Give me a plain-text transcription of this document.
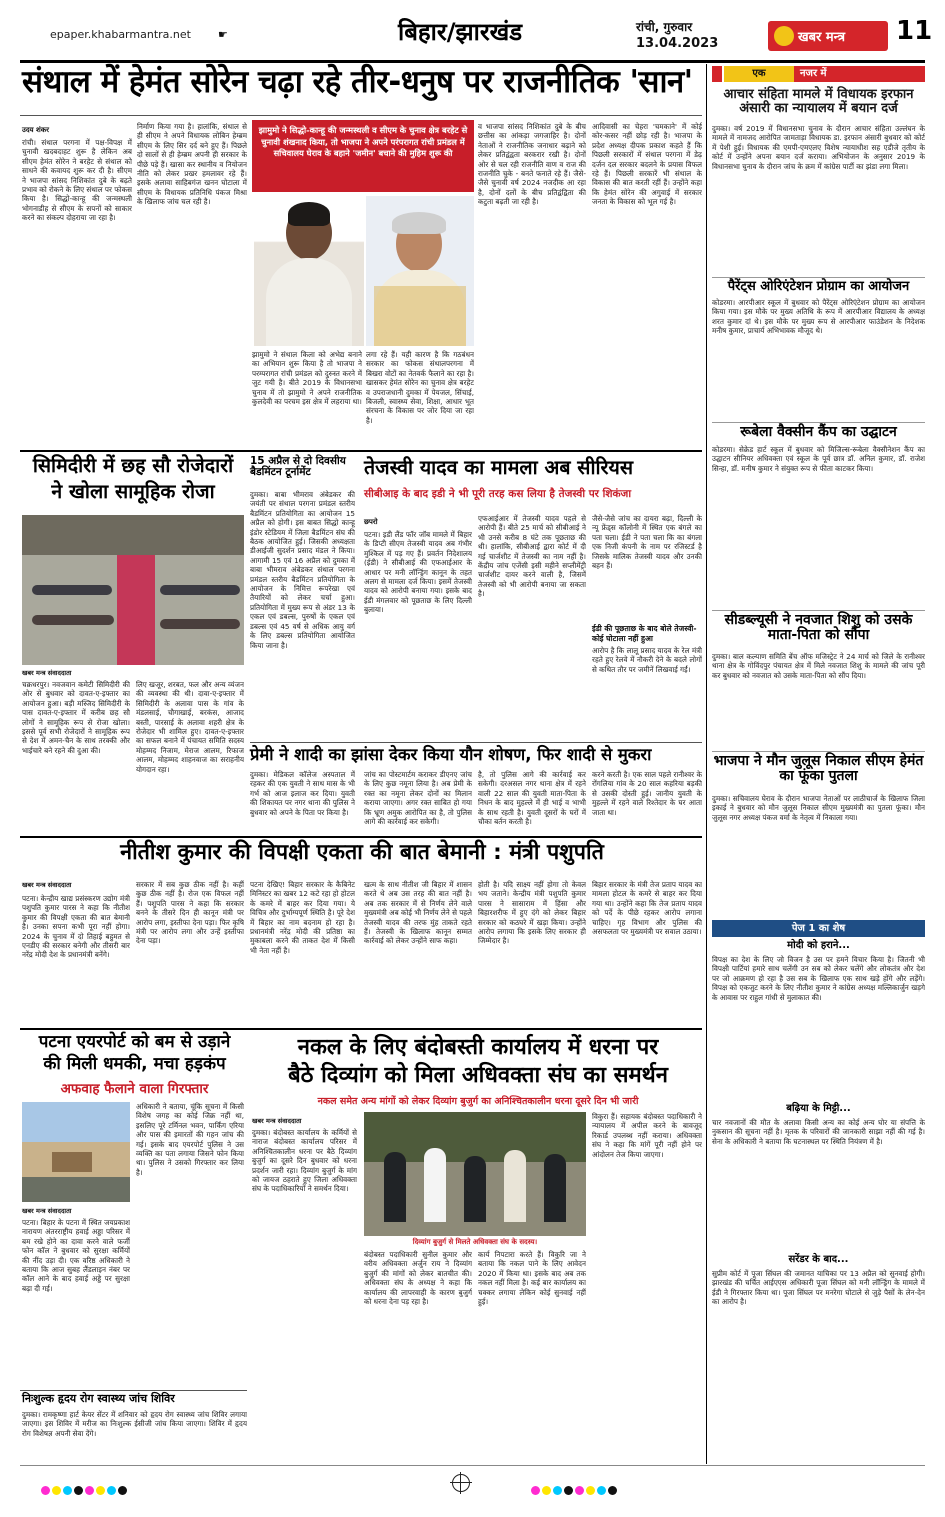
epaper.khabarmantra.net ☛	बिहार/झारखंड	रांची, गुरुवार
13.04.2023	खबर मन्त्र 11
संथाल में हेमंत सोरेन चढ़ा रहे तीर-धनुष पर राजनीतिक 'सान'
उदय शंकर
रांची। संथाल परगना में पक्ष-विपक्ष में चुनावी खदबदाहट शुरू है लेकिन अब सीएम हेमंत सोरेन ने बरहेट से संथाल को साधने की कवायद शुरू कर दी है। सीएम ने भाजपा सांसद निशिकांत दुबे के बढ़ते प्रभाव को रोकने के लिए संथाल पर फोकस किया है। सिद्धो-कान्हू की जन्मस्थली भोगनाडीह से सीएम के सपनों को साकार करने का संकल्प दोहराया जा रहा है।
निर्माण किया गया है। हालांकि, संथाल से ही सीएम ने अपने विधायक लोबिन हेम्ब्रम सीएम के लिए सिर दर्द बने हुए हैं। पिछले दो सालों से ही हेम्ब्रम अपनी ही सरकार के पीछे पड़े हैं। खासा कर स्थानीय व नियोजन नीति को लेकर प्रखर हमलावर रहे हैं। इसके अलावा साहिबगंज खनन घोटाला में सीएम के विधायक प्रतिनिधि पंकज मिश्रा के खिलाफ जांच चल रही है।
झामुमो ने सिद्धो-कान्हू की जन्मस्थली व सीएम के चुनाव क्षेत्र बरहेट से चुनावी शंखनाद किया, तो भाजपा ने अपने परंपरागत रांची प्रमंडल में सचिवालय घेराव के बहाने 'जमीन' बचाने की मुहिम शुरू की
झामुमो ने संथाल किला को अभेद्य बनाने का अभियान शुरू किया है तो भाजपा ने परम्परागत रांची प्रमंडल को दुरुस्त करने में जुट गयी है। बीते 2019 के विधानसभा चुनाव में तो झामुमो ने अपने राजनीतिक कुलदेवी का परचम इस क्षेत्र में लहराया था।
लगा रहे हैं। यही कारण है कि गठबंधन सरकार का फोकस संथालपरगना में बिखरा वोटों का नेतवर्क फैलाने का रहा है। खासकर हेमंत सोरेन का चुनाव क्षेत्र बरहेट व उपराजधानी दुमका में पेयजल, सिंचाई, बिजली, स्वास्थ्य सेवा, शिक्षा, आधार भूत संरचना के विकास पर जोर दिया जा रहा है।
व भाजपा सांसद निशिकांत दुबे के बीच छत्तीस का आंकड़ा जगजाहिर है। दोनों नेताओं ने राजनीतिक जनाधार बढ़ाने को लेकर प्रतिद्वंद्वता बरकरार रखी है। दोनों ओर से चल रही राजनीति वाण व राज की राजनीति चुके - बनते फनाते रहे हैं। जैसे-जैसे चुनावी वर्ष 2024 नजदीक आ रहा है, दोनों दलों के बीच प्रतिद्वंद्विता की कटुता बढ़ती जा रही है।
आदिवासी का चेहरा 'चमकाने' में कोई कोर-कसर नहीं छोड़ रही है। भाजपा के प्रदेश अध्यक्ष दीपक प्रकाश कहते हैं कि पिछली सरकारों में संथाल परगना में डेढ़ दर्जन दल सरकार बदलने के प्रयास विफल रहे हैं। पिछली सरकारें भी संथाल के विकास की बात करती रहीं हैं। उन्होंने कहा कि हेमंत सोरेन की अगुवाई में सरकार जनता के विकास को भूल गई है।
सिमिदीरी में छह सौ रोजेदारों
ने खोला सामूहिक रोजा
खबर मन्त्र संवाददाता
चक्रधरपुर। नवजवान कमेटी सिमिदीरी की ओर से बुधवार को दावत-ए-इफ्तार का आयोजन हुआ। बड़ी मस्जिद सिमिदीरी के पास दावत-ए-इफ्तार में करीब छह सौ लोगों ने सामूहिक रूप से रोजा खोला। इससे पूर्व सभी रोजेदारों ने सामूहिक रूप से देश में अमन-चैन के साथ तरक्की और भाईचारे बने रहने की दुआ की।
लिए खजूर, शरबत, फल और अन्य व्यंजन की व्यवस्था की थी। दावा-ए-इफ्तार में सिमिदीरी के अलावा पास के गांव के मंडलसाई, चौगाखाई, बरकंस, आजाद बस्ती, पारसाई के अलावा शहरी क्षेत्र के रोजेदार भी शामिल हुए। दावत-ए-इफ्तार का सफल बनाने में पंचायत समिति सदस्य मोहम्मद निजाम, मेराज आलम, रिफाज आलम, मोहम्मद शाहनवाज का सराहनीय योगदान रहा।
15 अप्रैल से दो दिवसीय बैडमिंटन टूर्नामेंट
दुमका। बाबा भीमराव अंबेडकर की जयंती पर संथाल परगना प्रमंडल स्तरीय बैडमिंटन प्रतियोगिता का आयोजन 15 अप्रैल को होगी। इस बाबत सिद्धो कान्हू इंडोर स्टेडियम में जिला बैडमिंटन संघ की बैठक आयोजित हुई। जिसकी अध्यक्षता डीआईजी सुदर्शन प्रसाद मंडल ने किया। आगामी 15 एवं 16 अप्रैल को दुमका में बाबा भीमराव अंबेडकर संथाल परगना प्रमंडल स्तरीय बैडमिंटन प्रतियोगिता के आयोजन के निमित्त रूपरेखा एवं तैयारियों को लेकर चर्चा हुआ। प्रतियोगिता में मुख्य रूप से अंडर 13 के एकल एवं डबल्स, पुरुषों के एकल एवं डबल्स एवं 45 वर्ष से अधिक आयु वर्ग के लिए डबल्स प्रतियोगिता आयोजित किया जाना है।
तेजस्वी यादव का मामला अब सीरियस
सीबीआइ के बाद इडी ने भी पूरी तरह कस लिया है तेजस्वी पर शिकंजा
छपरो
पटना। इडी लैंड फॉर जॉब मामले में बिहार के डिप्टी सीएम तेजस्वी यादव अब गंभीर मुश्किल में पड़ गए हैं। प्रवर्तन निदेशालय (ईडी) ने सीबीआई की एफआईआर के आधार पर मनी लॉन्ड्रिंग कानून के तहत अलग से मामला दर्ज किया। इसमें तेजस्वी यादव को आरोपी बनाया गया। इसके बाद ईडी मंगलवार को पूछताछ के लिए दिल्ली बुलाया।
एफआईआर में तेजस्वी यादव पहले से आरोपी हैं। बीते 25 मार्च को सीबीआई ने भी उनसे करीब 8 घंटे तक पूछताछ की थी। हालांकि, सीबीआई द्वारा कोर्ट में दी गई चार्जशीट में तेजस्वी का नाम नहीं है। केंद्रीय जांच एजेंसी इसी महीने सप्लीमेंट्री चार्जशीट दायर करने वाली है, जिसमें तेजस्वी को भी आरोपी बनाया जा सकता है।
जैसे-जैसे जांच का दायरा बढ़ा, दिल्ली के न्यू फ्रेंड्स कॉलोनी में स्थित एक बंगले का पता चला। ईडी ने पता चला कि का बंगला एक निजी कंपनी के नाम पर रजिस्टर्ड है जिसके मालिक तेजस्वी यादव और उनकी बहन हैं।
ईडी की पूछताछ के बाद बोले तेजस्वी- कोई घोटाला नहीं हुआ
आरोप है कि लालू प्रसाद यादव के रेल मंत्री रहते हुए रेलवे में नौकरी देने के बदले लोगों से कथित तौर पर जमीनें लिखवाई गईं।
प्रेमी ने शादी का झांसा देकर किया यौन शोषण, फिर शादी से मुकरा
दुमका। मेडिकल कॉलेज अस्पताल में रहकर की एक युवती ने साथ मास के भी गर्भ को आज इलाज कर दिया। युवती की शिकायत पर नगर थाना की पुलिस ने बुधवार को अपने के पिता पर किया है।
जांच का पोस्टमार्टम कराकर डीएनए जांच के लिए कुछ नमूना लिया है। अब प्रेमी के रक्त का नमूना लेकर दोनों का मिलान कराया जाएगा। अगर रक्त साबित हो गया कि भ्रूण अमुक आरोपित का है, तो पुलिस आगे की कार्रवाई कर सकेगी।
है, तो पुलिस आगे की कार्रवाई कर सकेगी। दरअसल नगर थाना क्षेत्र में रहने वाली 22 साल की युवती माता-पिता के निधन के बाद मुहल्ले में ही भाई व भाभी के साथ रहती है। युवती दूसरों के घरों में चौका बर्तन करती है।
करने करती है। एक साल पहले रानीश्वर के रोंगलिया गांव के 20 साल कहरिया बड़की से उसकी दोस्ती हुई। जानीय युवती के मुहल्ले में रहने वाले रिश्तेदार के घर आता जाता था।
नीतीश कुमार की विपक्षी एकता की बात बेमानी : मंत्री पशुपति
खबर मन्त्र संवाददाता
पटना। केन्द्रीय खाद्य प्रसंस्करण उद्योग मंत्री पशुपति कुमार पारस ने कहा कि नीतीश कुमार की विपक्षी एकता की बात बेमानी है। उनका सपना कभी पूरा नहीं होगा। 2024 के चुनाव में दो तिहाई बहुमत से एनडीए की सरकार बनेगी और तीसरी बार नरेंद्र मोदी देश के प्रधानमंत्री बनेंगे।
सरकार में सब कुछ ठीक नहीं है। कहीं कुछ ठीक नहीं है। रोज एक विफल नहीं हैं। पशुपति पारस ने कहा कि सरकार बनने के तीसरे दिन ही कानून मंत्री पर आरोप लगा, इस्तीफा देना पड़ा। फिर कृषि मंत्री पर आरोप लगा और उन्हें इस्तीफा देना पड़ा।
पटना देखिए! बिहार सरकार के कैबिनेट मिनिस्टर का खबर 12 कटे रहा हो होटल के कमरे में बाहर कर दिया गया। ये विचित्र और दुर्भाग्यपूर्ण स्थिति है। पूरे देश में बिहार का नाम बदनाम हो रहा है। प्रधानमंत्री नरेंद्र मोदी की प्रतिष्ठा का मुकाबला करने की ताकत देश में किसी भी नेता नहीं है।
खत्म के साथ नीतीश जी बिहार में शासन करते थे अब उस तरह की बात नहीं है। अब तक सरकार में से निर्णय लेने वाले मुख्यमंत्री अब कोई भी निर्णय लेने से पहले तेजस्वी यादव की तरफ मुंह ताकते रहते हैं। तेजस्वी के खिलाफ कानून सम्मत कार्रवाई को लेकर उन्होंने साफ कहा।
होती है। यदि साक्ष्य नहीं होगा तो केवल भय जताने। केन्द्रीय मंत्री पशुपति कुमार पारस ने सासाराम में हिंसा और बिहारशरीफ में हुए दंगे को लेकर बिहार सरकार को कठघरे में खड़ा किया। उन्होंने आरोप लगाया कि इसके लिए सरकार ही जिम्मेदार है।
बिहार सरकार के मंत्री तेज प्रताप यादव का मामला होटल के कमरे से बाहर कर दिया गया था। उन्होंने कहा कि तेज प्रताप यादव को पर्दे के पीछे रहकर आरोप लगाना चाहिए। गृह विभाग और पुलिस की असफलता पर मुख्यमंत्री पर सवाल उठाया।
पटना एयरपोर्ट को बम से उड़ाने
की मिली धमकी, मचा हड़कंप
अफवाह फैलाने वाला गिरफ्तार
खबर मन्त्र संवाददाता
पटना। बिहार के पटना में स्थित जयप्रकाश नारायण अंतरराष्ट्रीय हवाई अड्डा परिसर में बम रखे होने का दावा करने वाले फर्जी फोन कॉल ने बुधवार को सुरक्षा कर्मियों की नींद उड़ा दी। एक वरिष्ठ अधिकारी ने बताया कि आज सुबह लैंडलाइन नंबर पर कॉल आने के बाद हवाई अड्डे पर सुरक्षा बढ़ा दी गई।
अधिकारी ने बताया, चूंकि सूचना में किसी विशेष जगह का कोई जिक्र नहीं था, इसलिए पूरे टर्मिनल भवन, पार्किंग एरिया और पास की इमारतों की गहन जांच की गई। इसके बाद एयरपोर्ट पुलिस ने उस व्यक्ति का पता लगाया जिसने फोन किया था। पुलिस ने उसको गिरफ्तार कर लिया है।
निःशुल्क हृदय रोग स्वास्थ्य जांच शिविर
दुमका। रामकृष्णा हार्ट केयर सेंटर में शनिवार को हृदय रोग स्वास्थ्य जांच शिविर लगाया जाएगा। इस शिविर में मरीज का निःशुल्क ईसीजी जांच किया जाएगा। शिविर में हृदय रोग विशेषज्ञ अपनी सेवा देंगे।
नकल के लिए बंदोबस्ती कार्यालय में धरना पर
बैठे दिव्यांग को मिला अधिवक्ता संघ का समर्थन
नकल समेत अन्य मांगों को लेकर दिव्यांग बुजुर्ग का अनिश्चितकालीन धरना दूसरे दिन भी जारी
खबर मन्त्र संवाददाता
दुमका। बंदोबस्त कार्यालय के कर्मियों से नाराज बंदोबस्त कार्यालय परिसर में अनिश्चितकालीन धरना पर बैठे दिव्यांग बुजुर्ग का दूसरे दिन बुधवार को धरना प्रदर्शन जारी रहा। दिव्यांग बुजुर्ग के मांग को जायज ठहराते हुए जिला अधिवक्ता संघ के पदाधिकारियों ने समर्थन दिया।
दिव्यांग बुजुर्ग से मिलते अधिवक्ता संघ के सदस्य।
बंदोबस्त पदाधिकारी सुनील कुमार और वरीय अधिवक्ता अर्जुन राय ने दिव्यांग बुजुर्ग की मांगों को लेकर बातचीत की। अधिवक्ता संघ के अध्यक्ष ने कहा कि कार्यालय की लापरवाही के कारण बुजुर्ग को धरना देना पड़ रहा है।
कार्य निपटारा करते हैं। विकुरि जा ने बताया कि नकल पाने के लिए आवेदन 2020 में किया था। इसके बाद अब तक नकल नहीं मिला है। कई बार कार्यालय का चक्कर लगाया लेकिन कोई सुनवाई नहीं हुई।
विकुरा हैं। सहायक बंदोबस्त पदाधिकारी ने न्यायालय में अपील करने के बावजूद रिकार्ड उपलब्ध नहीं कराया। अधिवक्ता संघ ने कहा कि मांगें पूरी नहीं होने पर आंदोलन तेज किया जाएगा।
एक	नजर में
आचार संहिता मामले में विधायक इरफान अंसारी का न्यायालय में बयान दर्ज
दुमका। वर्ष 2019 में विधानसभा चुनाव के दौरान आचार संहिता उल्लंघन के मामले में नामजद आरोपित जामताड़ा विधायक डा. इरफान अंसारी बुधवार को कोर्ट में पेशी हुई। विधायक की एमपी-एमएलए विशेष न्यायाधीश सह एडीजे तृतीय के कोर्ट में उन्होंने अपना बयान दर्ज कराया। अभियोजन के अनुसार 2019 के विधानसभा चुनाव के दौरान जांच के क्रम में कांग्रेस पार्टी का झंडा लगा मिला।
पैरेंट्स ओरिएंटेशन प्रोग्राम का आयोजन
कोडरमा। आरपीआर स्कूल में बुधवार को पैरेंट्स ओरिएंटेशन प्रोग्राम का आयोजन किया गया। इस मौके पर मुख्य अतिथि के रूप में आरपीआर विद्यालय के अध्यक्ष शरत कुमार दां थे। इस मौके पर मुख्य रूप से आरपीआर फाउंडेशन के निदेशक मनीष कुमार, प्राचार्य अभिभावक मौजूद थे।
रूबेला वैक्सीन कैंप का उद्घाटन
कोडरमा। सेक्रेड हार्ट स्कूल में बुधवार को मिजिल्स-रूबेला वैक्सीनेशन कैंप का उद्घाटन सीनियर अधिवक्ता एवं स्कूल के पूर्व छात्र डॉ. अनिल कुमार, डॉ. राजेश सिन्हा, डॉ. मनीष कुमार ने संयुक्त रूप से फीता काटकर किया।
सीडब्ल्यूसी ने नवजात शिशु को उसके माता-पिता को सौंपा
दुमका। बाल कल्याण समिति बेंच ऑफ मजिस्ट्रेट ने 24 मार्च को जिले के रानीश्वर थाना क्षेत्र के गोविंदपुर पंचायत क्षेत्र में मिले नवजात शिशु के मामले की जांच पूरी कर बुधवार को नवजात को उसके माता-पिता को सौंप दिया।
भाजपा ने मौन जुलूस निकाल सीएम हेमंत का फूंका पुतला
दुमका। सचिवालय घेराव के दौरान भाजपा नेताओं पर लाठीचार्ज के खिलाफ जिला इकाई ने बुधवार को मौन जुलूस निकाल सीएम मुख्यमंत्री का पुतला फूंका। मौन जुलूस नगर अध्यक्ष पंकज वर्मा के नेतृत्व में निकाला गया।
पेज 1 का शेष
मोदी को हराने...
विपक्ष का देश के लिए जो विजन है उस पर हमने विचार किया है। जितनी भी विपक्षी पार्टियां हमारे साथ चलेंगी उन सब को लेकर चलेंगे और लोकतंत्र और देश पर जो आक्रमण हो रहा है उस सब के खिलाफ एक साथ खड़े होंगे और लड़ेंगे। विपक्ष को एकजुट करने के लिए नीतीश कुमार ने कांग्रेस अध्यक्ष मल्लिकार्जुन खड़गे के आवास पर राहुल गांधी से मुलाकात की।
बढ़िया के मिट्टी...
चार नवजानों की मौत के अलावा किसी अन्य का कोई अन्य घोर या संपत्ति के नुकसान की सूचना नहीं है। मृतक के परिवारों की जानकारी साझा नहीं की गई है। सेना के अधिकारी ने बताया कि घटनास्थल पर स्थिति नियंत्रण में है।
सरेंडर के बाद...
सुप्रीम कोर्ट में पूजा सिंघल की जमानत याचिका पर 13 अप्रैल को सुनवाई होगी। झारखंड की चर्चित आईएएस अधिकारी पूजा सिंघल को मनी लॉन्ड्रिंग के मामले में ईडी ने गिरफ्तार किया था। पूजा सिंघल पर मनरेगा घोटाले से जुड़े पैसों के लेन-देन का आरोप है।
